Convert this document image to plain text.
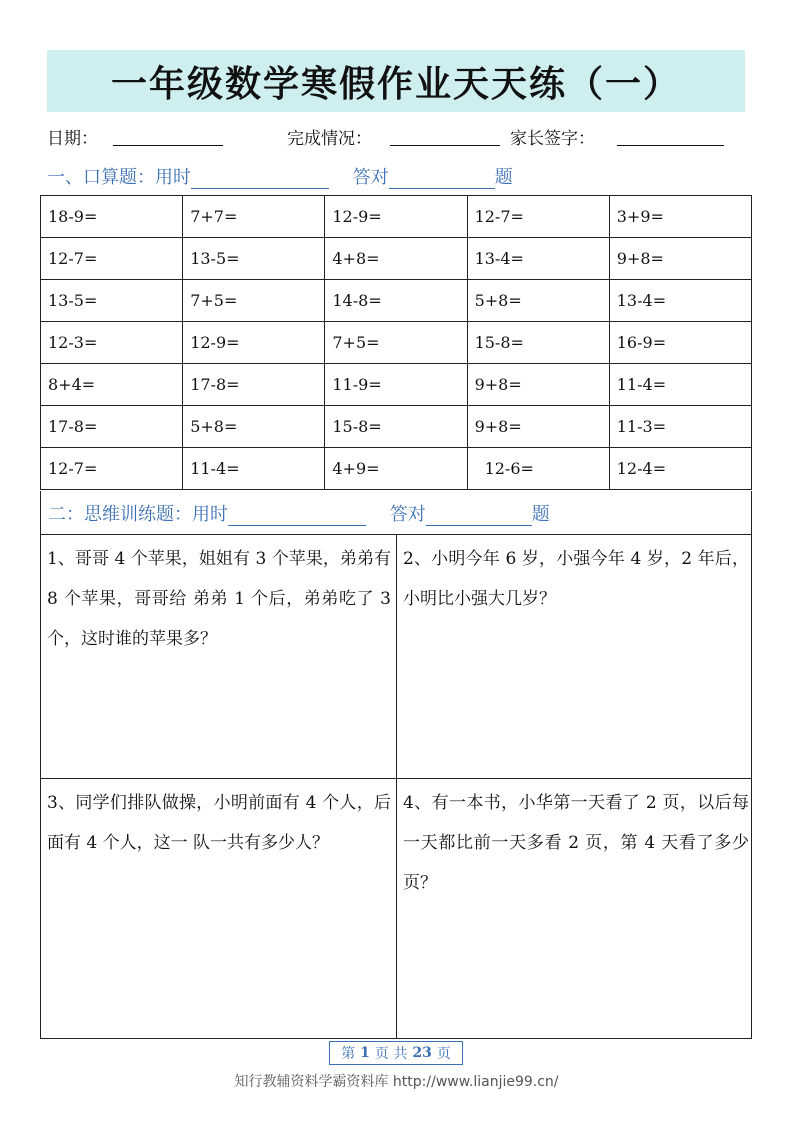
一年级数学寒假作业天天练（一）
日期：	完成情况：	家长签字：
一、口算题：用时	答对	题
18-9=	7+7=	12-9=	12-7=	3+9=
12-7=	13-5=	4+8=	13-4=	9+8=
13-5=	7+5=	14-8=	5+8=	13-4=
12-3=	12-9=	7+5=	15-8=	16-9=
8+4=	17-8=	11-9=	9+8=	11-4=
17-8=	5+8=	15-8=	9+8=	11-3=
12-7=	11-4=	4+9=	12-6=	12-4=
二：思维训练题：用时	答对	题
1、哥哥 4 个苹果，姐姐有 3 个苹果，弟弟有 8 个苹果，哥哥给 弟弟 1 个后，弟弟吃了 3 个，这时谁的苹果多？
2、小明今年 6 岁，小强今年 4 岁，2 年后，小明比小强大几岁？
3、同学们排队做操，小明前面有 4 个人，后面有 4 个人，这一 队一共有多少人？
4、有一本书，小华第一天看了 2 页，以后每一天都比前一天多看 2 页，第 4 天看了多少页？
第 1 页 共 23 页
知行教辅资料学霸资料库 http://www.lianjie99.cn/
